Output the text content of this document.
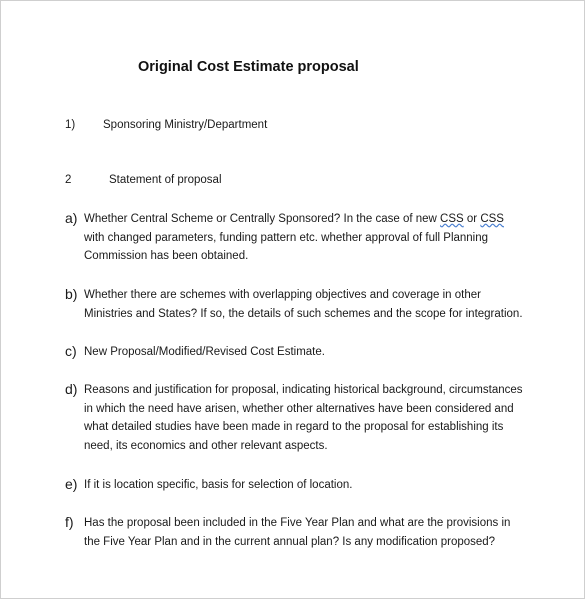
Original Cost Estimate proposal
1) Sponsoring Ministry/Department
2	Statement of proposal
a) Whether Central Scheme or Centrally Sponsored? In the case of new CSS or CSS with changed parameters, funding pattern etc. whether approval of full Planning Commission has been obtained.
b) Whether there are schemes with overlapping objectives and coverage in other Ministries and States? If so, the details of such schemes and the scope for integration.
c) New Proposal/Modified/Revised Cost Estimate.
d) Reasons and justification for proposal, indicating historical background, circumstances in which the need have arisen, whether other alternatives have been considered and what detailed studies have been made in regard to the proposal for establishing its need, its economics and other relevant aspects.
e) If it is location specific, basis for selection of location.
f) Has the proposal been included in the Five Year Plan and what are the provisions in the Five Year Plan and in the current annual plan? Is any modification proposed?
